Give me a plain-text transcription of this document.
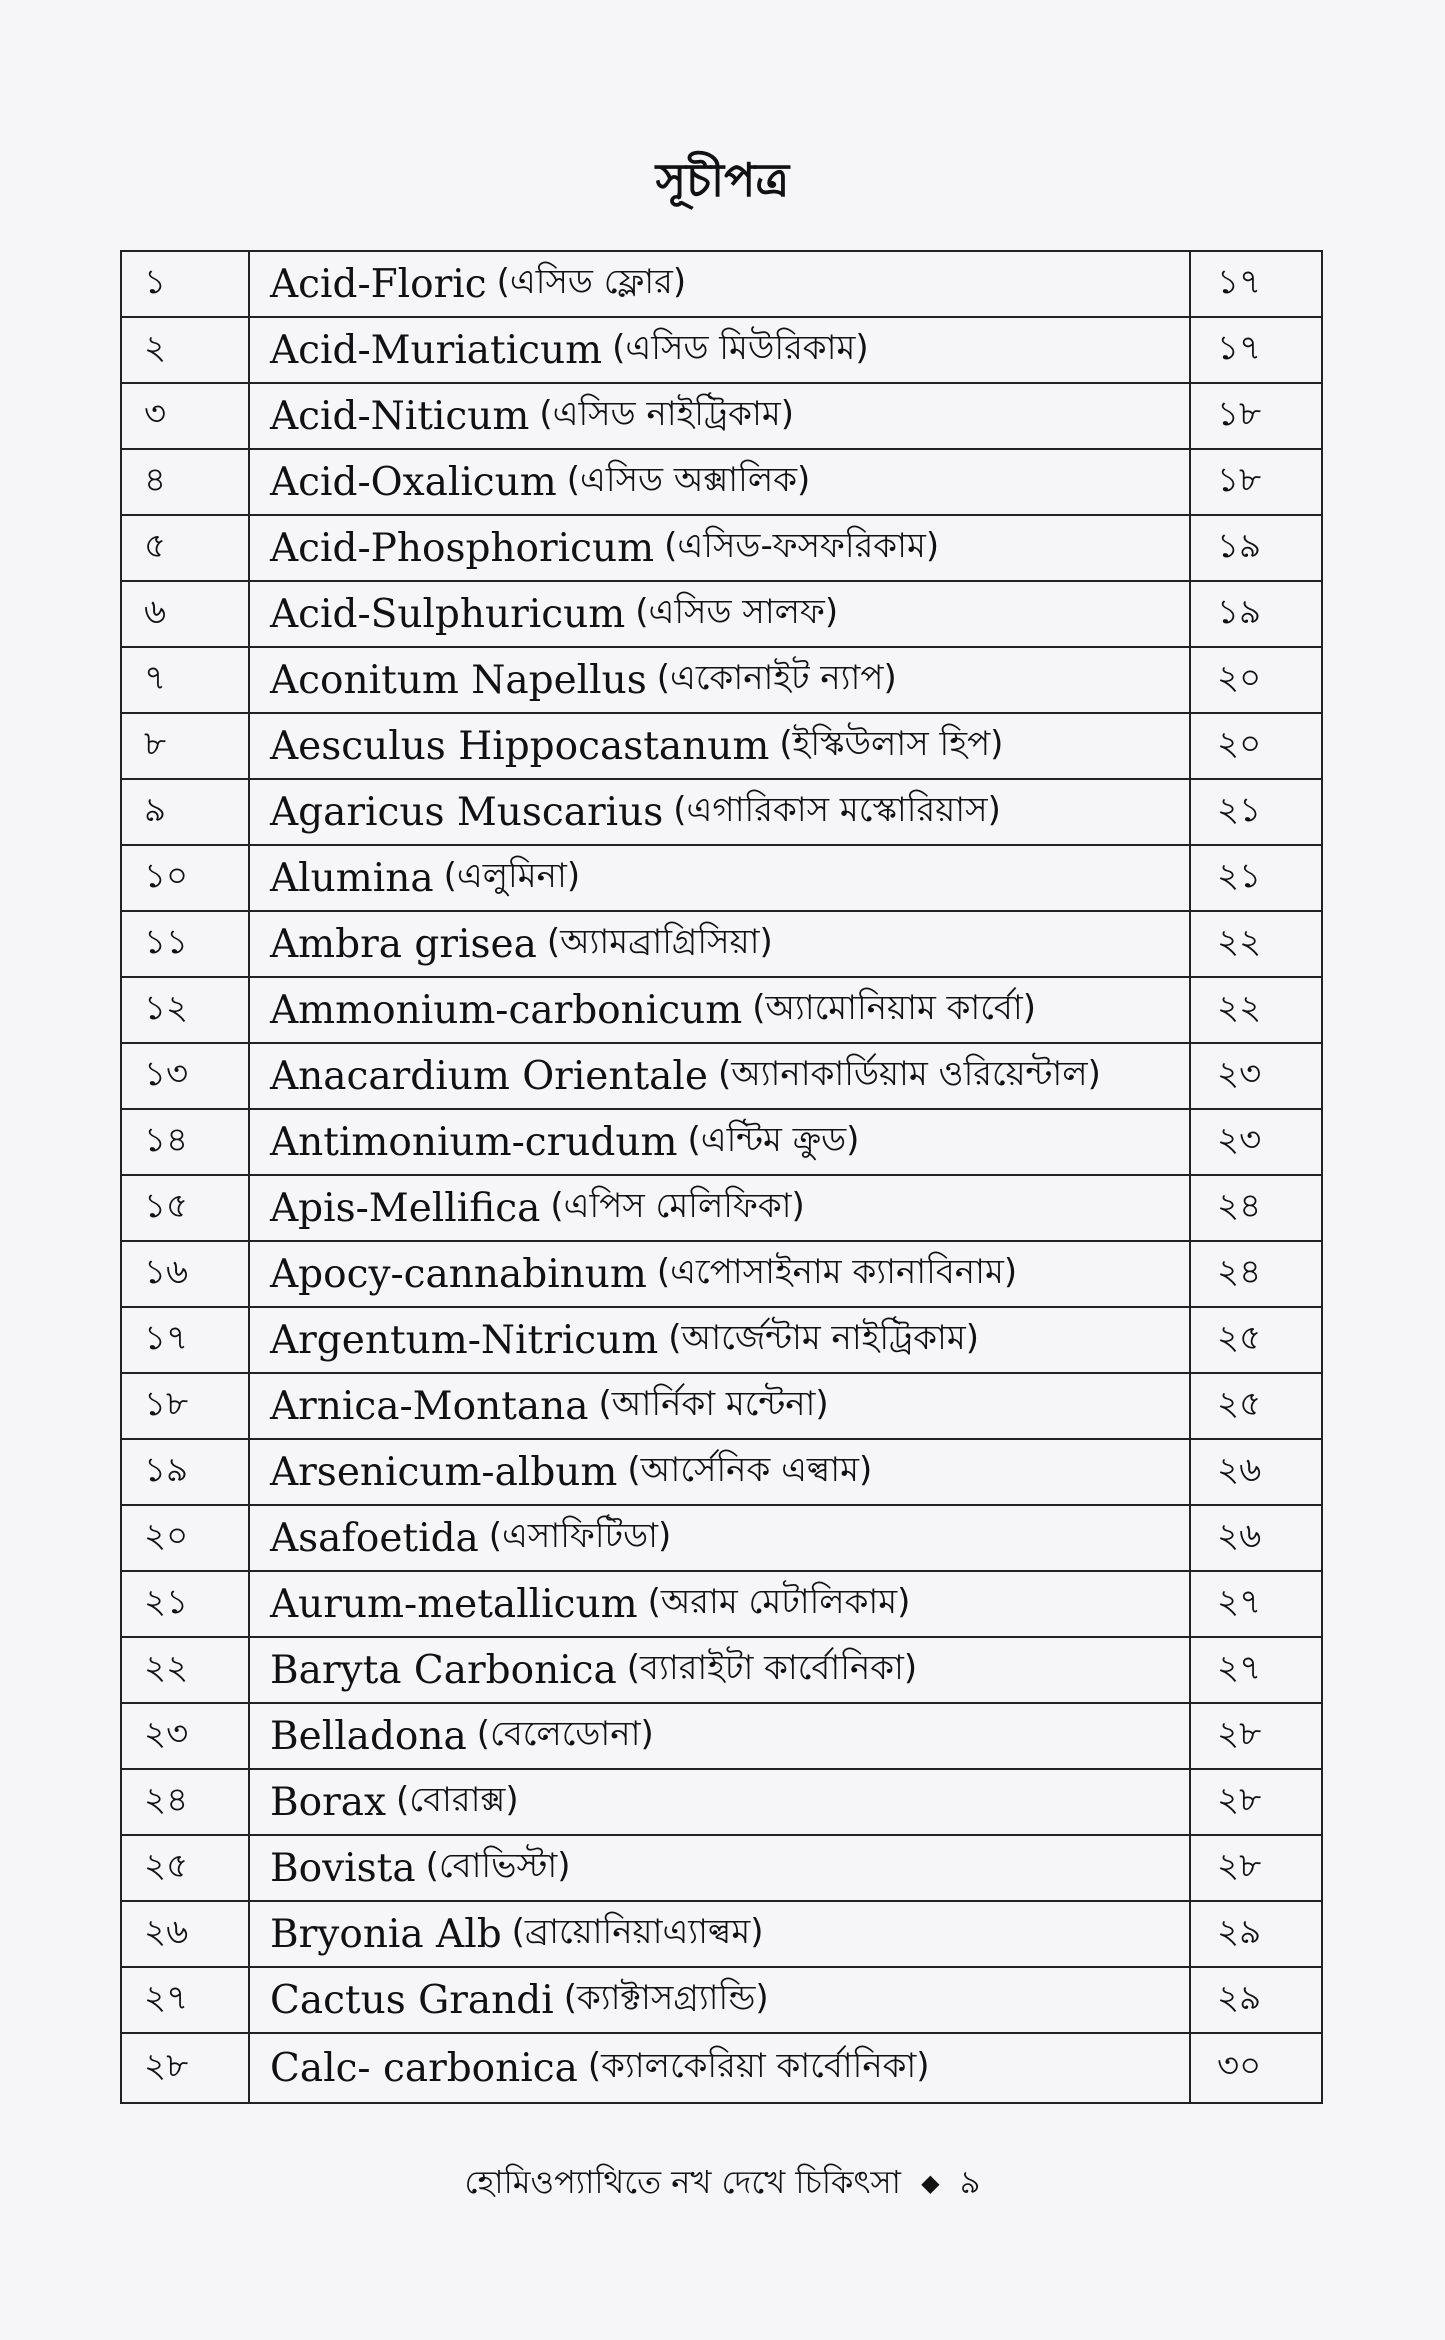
সূচীপত্র
১	Acid-Floric (এসিড ফ্লোর)	১৭
২	Acid-Muriaticum (এসিড মিউরিকাম)	১৭
৩	Acid-Niticum (এসিড নাইট্রিকাম)	১৮
৪	Acid-Oxalicum (এসিড অক্সালিক)	১৮
৫	Acid-Phosphoricum (এসিড-ফসফরিকাম)	১৯
৬	Acid-Sulphuricum (এসিড সালফ)	১৯
৭	Aconitum Napellus (একোনাইট ন্যাপ)	২০
৮	Aesculus Hippocastanum (ইস্কিউলাস হিপ)	২০
৯	Agaricus Muscarius (এগারিকাস মস্কোরিয়াস)	২১
১০	Alumina (এলুমিনা)	২১
১১	Ambra grisea (অ্যামব্রাগ্রিসিয়া)	২২
১২	Ammonium-carbonicum (অ্যামোনিয়াম কার্বো)	২২
১৩	Anacardium Orientale (অ্যানাকার্ডিয়াম ওরিয়েন্টাল)	২৩
১৪	Antimonium-crudum (এন্টিম ক্রুড)	২৩
১৫	Apis-Mellifica (এপিস মেলিফিকা)	২৪
১৬	Apocy-cannabinum (এপোসাইনাম ক্যানাবিনাম)	২৪
১৭	Argentum-Nitricum (আর্জেন্টাম নাইট্রিকাম)	২৫
১৮	Arnica-Montana (আর্নিকা মন্টেনা)	২৫
১৯	Arsenicum-album (আর্সেনিক এল্বাম)	২৬
২০	Asafoetida (এসাফিটিডা)	২৬
২১	Aurum-metallicum (অরাম মেটালিকাম)	২৭
২২	Baryta Carbonica (ব্যারাইটা কার্বোনিকা)	২৭
২৩	Belladona (বেলেডোনা)	২৮
২৪	Borax (বোরাক্স)	২৮
২৫	Bovista (বোভিস্টা)	২৮
২৬	Bryonia Alb (ব্রায়োনিয়াএ্যাল্বম)	২৯
২৭	Cactus Grandi (ক্যাক্টাসগ্র্যান্ডি)	২৯
২৮	Calc- carbonica (ক্যালকেরিয়া কার্বোনিকা)	৩০
হোমিওপ্যাথিতে নখ দেখে চিকিৎসা ◆ ৯
